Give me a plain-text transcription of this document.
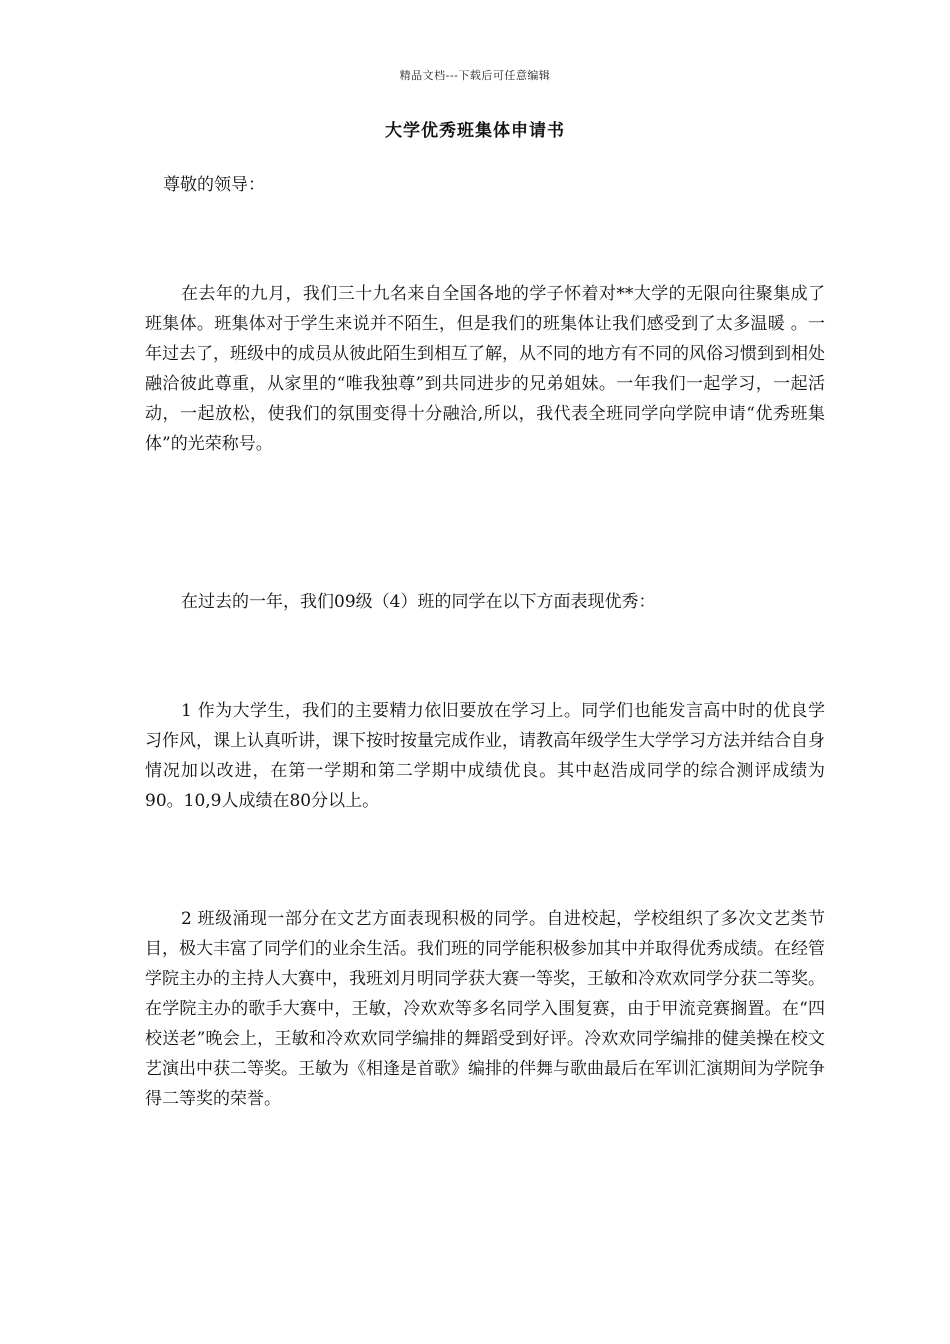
精品文档---下载后可任意编辑
大学优秀班集体申请书
尊敬的领导：

在去年的九月，我们三十九名来自全国各地的学子怀着对**大学的无限向往聚集成了班集体。班集体对于学生来说并不陌生，但是我们的班集体让我们感受到了太多温暖 。一年过去了，班级中的成员从彼此陌生到相互了解，从不同的地方有不同的风俗习惯到到相处融洽彼此尊重，从家里的“唯我独尊”到共同进步的兄弟姐妹。一年我们一起学习，一起活动，一起放松，使我们的氛围变得十分融洽,所以，我代表全班同学向学院申请“优秀班集体”的光荣称号。

在过去的一年，我们09级（4）班的同学在以下方面表现优秀：

1 作为大学生，我们的主要精力依旧要放在学习上。同学们也能发言高中时的优良学习作风，课上认真听讲，课下按时按量完成作业，请教高年级学生大学学习方法并结合自身情况加以改进，在第一学期和第二学期中成绩优良。其中赵浩成同学的综合测评成绩为90。10,9人成绩在80分以上。

2 班级涌现一部分在文艺方面表现积极的同学。自进校起，学校组织了多次文艺类节目，极大丰富了同学们的业余生活。我们班的同学能积极参加其中并取得优秀成绩。在经管学院主办的主持人大赛中，我班刘月明同学获大赛一等奖，王敏和冷欢欢同学分获二等奖。在学院主办的歌手大赛中，王敏，冷欢欢等多名同学入围复赛，由于甲流竞赛搁置。在“四校送老”晚会上，王敏和冷欢欢同学编排的舞蹈受到好评。冷欢欢同学编排的健美操在校文艺演出中获二等奖。王敏为《相逢是首歌》编排的伴舞与歌曲最后在军训汇演期间为学院争得二等奖的荣誉。
